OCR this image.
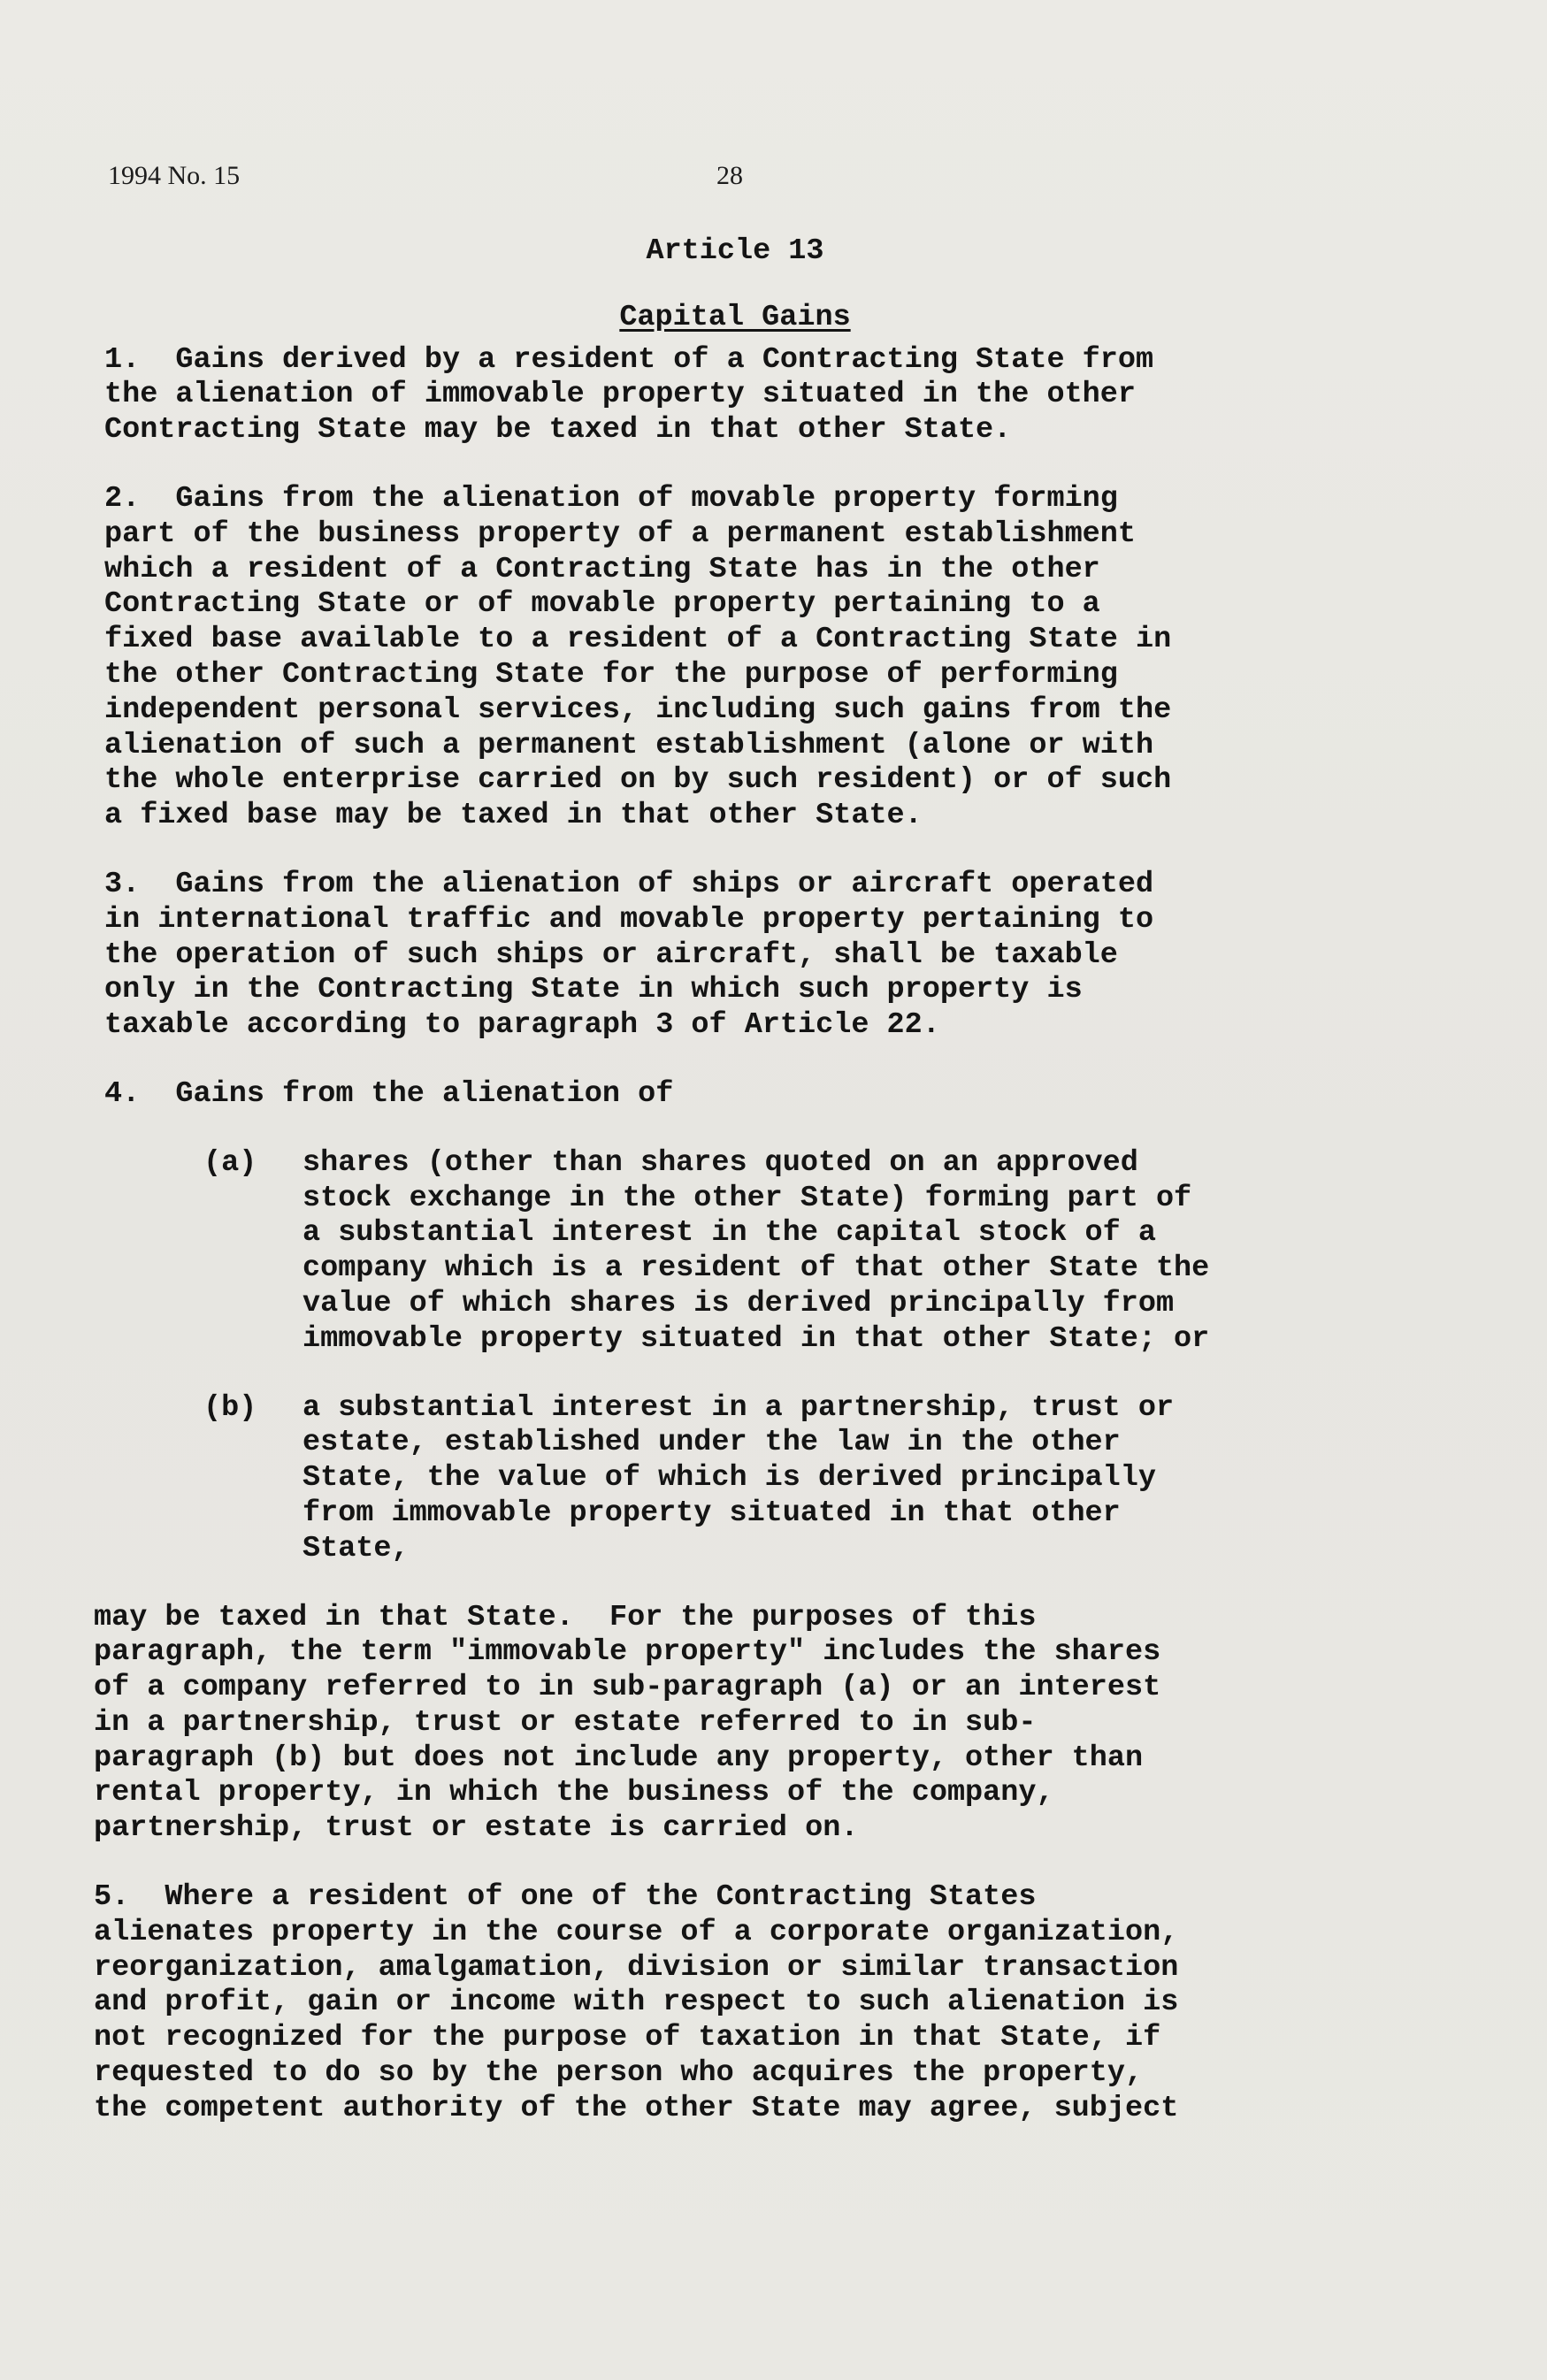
1994 No. 15	28

Article 13

Capital Gains

1.  Gains derived by a resident of a Contracting State from
the alienation of immovable property situated in the other
Contracting State may be taxed in that other State.
2.  Gains from the alienation of movable property forming
part of the business property of a permanent establishment
which a resident of a Contracting State has in the other
Contracting State or of movable property pertaining to a
fixed base available to a resident of a Contracting State in
the other Contracting State for the purpose of performing
independent personal services, including such gains from the
alienation of such a permanent establishment (alone or with
the whole enterprise carried on by such resident) or of such
a fixed base may be taxed in that other State.
3.  Gains from the alienation of ships or aircraft operated
in international traffic and movable property pertaining to
the operation of such ships or aircraft, shall be taxable
only in the Contracting State in which such property is
taxable according to paragraph 3 of Article 22.
4.  Gains from the alienation of
(a)	shares (other than shares quoted on an approved
stock exchange in the other State) forming part of
a substantial interest in the capital stock of a
company which is a resident of that other State the
value of which shares is derived principally from
immovable property situated in that other State; or
(b)	a substantial interest in a partnership, trust or
estate, established under the law in the other
State, the value of which is derived principally
from immovable property situated in that other
State,
may be taxed in that State.  For the purposes of this
paragraph, the term "immovable property" includes the shares
of a company referred to in sub-paragraph (a) or an interest
in a partnership, trust or estate referred to in sub-
paragraph (b) but does not include any property, other than
rental property, in which the business of the company,
partnership, trust or estate is carried on.
5.  Where a resident of one of the Contracting States
alienates property in the course of a corporate organization,
reorganization, amalgamation, division or similar transaction
and profit, gain or income with respect to such alienation is
not recognized for the purpose of taxation in that State, if
requested to do so by the person who acquires the property,
the competent authority of the other State may agree, subject
